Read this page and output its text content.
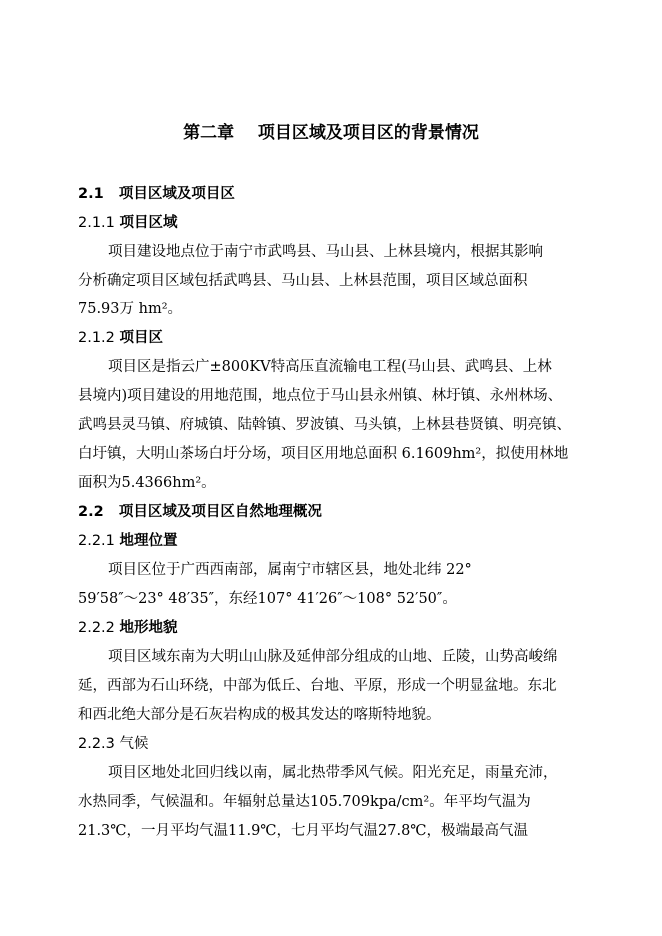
第二章    项目区域及项目区的背景情况
2.1 项目区域及项目区
2.1.1 项目区域
项目建设地点位于南宁市武鸣县、马山县、上林县境内，根据其影响
分析确定项目区域包括武鸣县、马山县、上林县范围，项目区域总面积
75.93万 hm²。
2.1.2 项目区
项目区是指云广±800KV特高压直流输电工程(马山县、武鸣县、上林
县境内)项目建设的用地范围，地点位于马山县永州镇、林圩镇、永州林场、
武鸣县灵马镇、府城镇、陆斡镇、罗波镇、马头镇，上林县巷贤镇、明亮镇、
白圩镇，大明山茶场白圩分场，项目区用地总面积 6.1609hm²，拟使用林地
面积为5.4366hm²。
2.2 项目区域及项目区自然地理概况
2.2.1 地理位置
项目区位于广西西南部，属南宁市辖区县，地处北纬 22°
59′58″～23° 48′35″，东经107° 41′26″～108° 52′50″。
2.2.2 地形地貌
项目区域东南为大明山山脉及延伸部分组成的山地、丘陵，山势高峻绵
延，西部为石山环绕，中部为低丘、台地、平原，形成一个明显盆地。东北
和西北绝大部分是石灰岩构成的极其发达的喀斯特地貌。
2.2.3 气候
项目区地处北回归线以南，属北热带季风气候。阳光充足，雨量充沛，
水热同季，气候温和。年辐射总量达105.709kpa/cm²。年平均气温为
21.3℃，一月平均气温11.9℃，七月平均气温27.8℃，极端最高气温
